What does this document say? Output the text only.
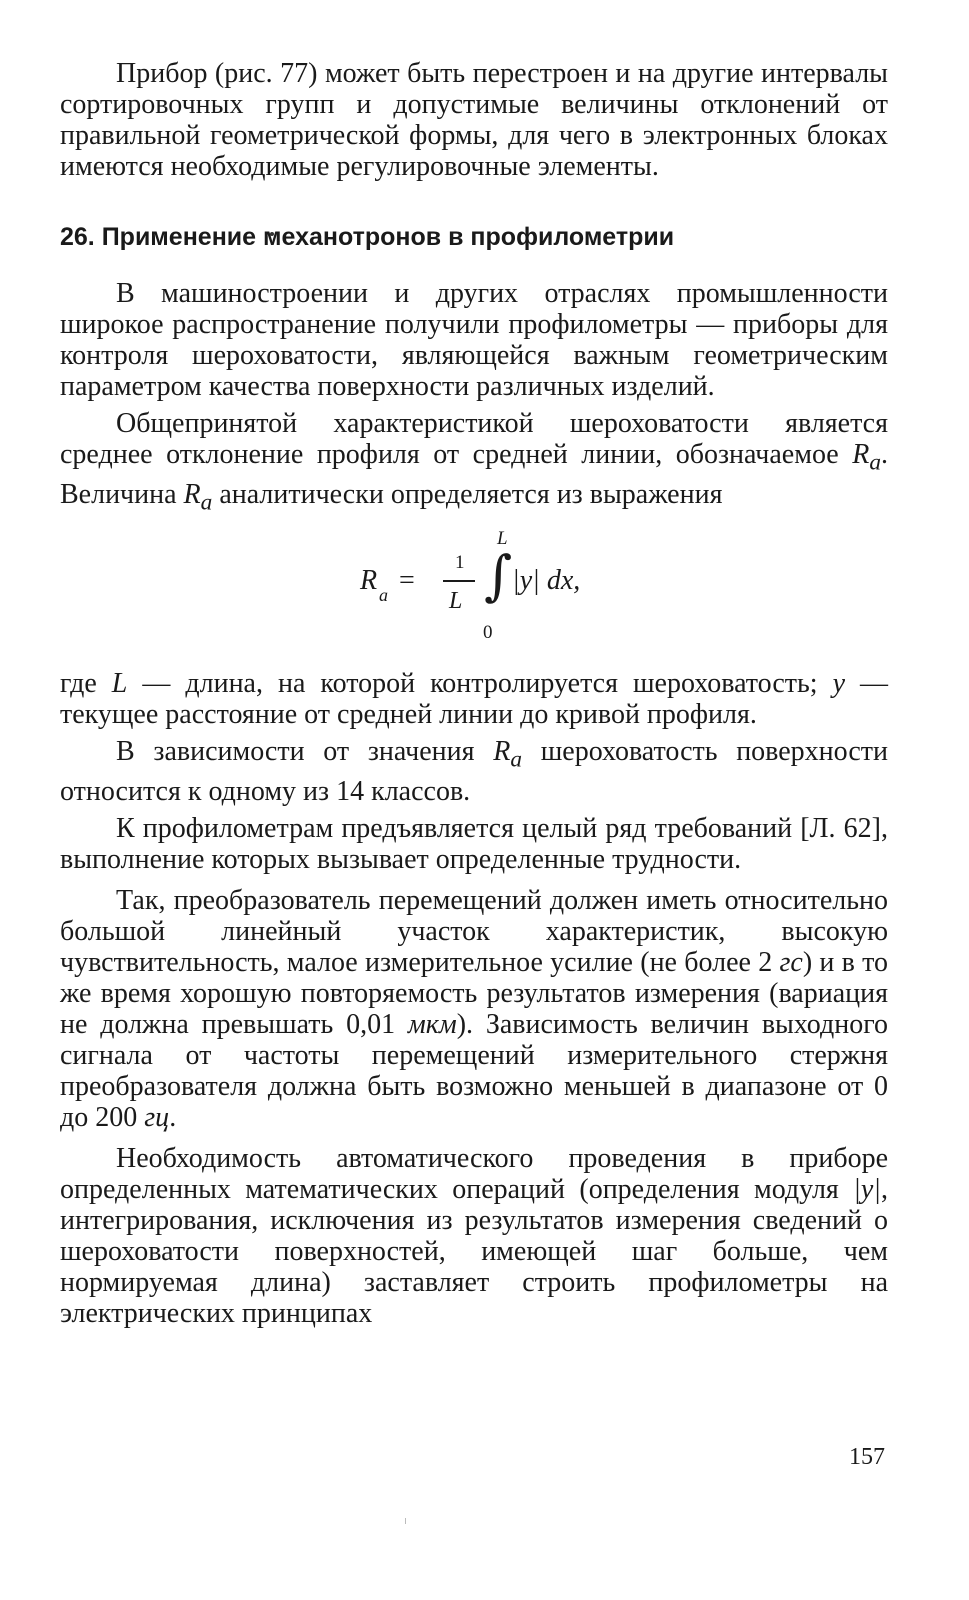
Прибор (рис. 77) может быть перестроен и на другие интервалы сортировочных групп и допустимые величины отклонений от правильной геометрической формы, для чего в электронных блоках имеются необходимые регулировочные элементы.

26. Применение механотронов в профилометрии

В машиностроении и других отраслях промышленности широкое распространение получили профилометры — приборы для контроля шероховатости, являющейся важным геометрическим параметром качества поверхности различных изделий.

Общепринятой характеристикой шероховатости является среднее отклонение профиля от средней линии, обозначаемое $R_a$. Величина $R_a$ аналитически определяется из выражения

L
R a =
1
L ∫
0
|y| dx,

где L — длина, на которой контролируется шероховатость; y — текущее расстояние от средней линии до кривой профиля.

В зависимости от значения $R_a$ шероховатость поверхности относится к одному из 14 классов.

К профилометрам предъявляется целый ряд требований [Л. 62], выполнение которых вызывает определенные трудности.

Так, преобразователь перемещений должен иметь относительно большой линейный участок характеристик, высокую чувствительность, малое измерительное усилие (не более 2 гс) и в то же время хорошую повторяемость результатов измерения (вариация не должна превышать 0,01 мкм). Зависимость величин выходного сигнала от частоты перемещений измерительного стержня преобразователя должна быть возможно меньшей в диапазоне от 0 до 200 гц.

Необходимость автоматического проведения в приборе определенных математических операций (определения модуля |y|, интегрирования, исключения из результатов измерения сведений о шероховатости поверхностей, имеющей шаг больше, чем нормируемая длина) заставляет строить профилометры на электрических принципах

157
